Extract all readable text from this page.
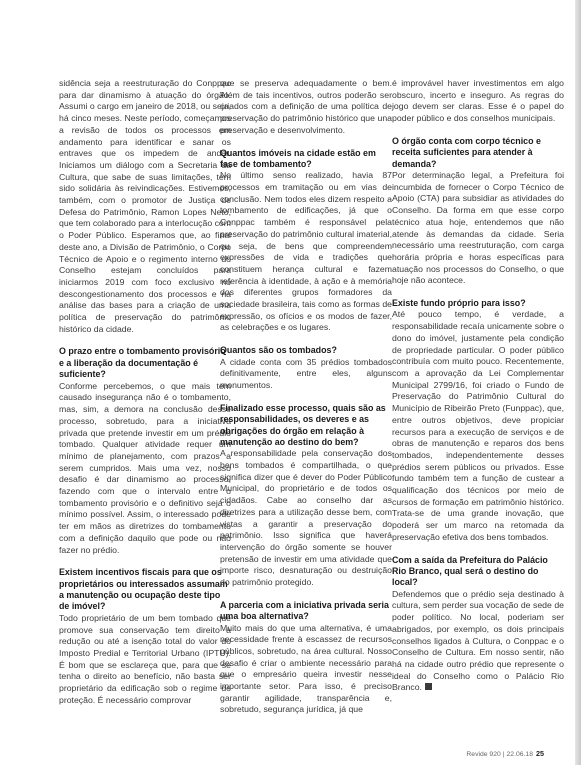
sidência seja a reestruturação do Conppac para dar dinamismo à atuação do órgão. Assumi o cargo em janeiro de 2018, ou seja, há cinco meses. Neste período, começamos a revisão de todos os processos em andamento para identificar e sanar os entraves que os impedem de andar. Iniciamos um diálogo com a Secretaria da Cultura, que sabe de suas limitações, tem sido solidária às reivindicações. Estivemos, também, com o promotor de Justiça de Defesa do Patrimônio, Ramon Lopes Neto, que tem colaborado para a interlocução com o Poder Público. Esperamos que, ao final deste ano, a Divisão de Patrimônio, o Corpo Técnico de Apoio e o regimento interno do Conselho estejam concluídos para iniciarmos 2019 com foco exclusivo no descongestionamento dos processos e na análise das bases para a criação de uma política de preservação do patrimônio histórico da cidade.

O prazo entre o tombamento provisório e a liberação da documentação é suficiente?

Conforme percebemos, o que mais tem causado insegurança não é o tombamento, mas, sim, a demora na conclusão desse processo, sobretudo, para a iniciativa privada que pretende investir em um prédio tombado. Qualquer atividade requer um mínimo de planejamento, com prazos a serem cumpridos. Mais uma vez, nosso desafio é dar dinamismo ao processo, fazendo com que o intervalo entre o tombamento provisório e o definitivo seja o mínimo possível. Assim, o interessado pode ter em mãos as diretrizes do tombamento com a definição daquilo que pode ou não fazer no prédio.

Existem incentivos fiscais para que os proprietários ou interessados assumam a manutenção ou ocupação deste tipo de imóvel?

Todo proprietário de um bem tombado que promove sua conservação tem direito à redução ou até a isenção total do valor do Imposto Predial e Territorial Urbano (IPTU). É bom que se esclareça que, para que se tenha o direito ao benefício, não basta ser proprietário da edificação sob o regime de proteção. É necessário comprovar

que se preserva adequadamente o bem. Além de tais incentivos, outros poderão ser criados com a definição de uma política de preservação do patrimônio histórico que una preservação e desenvolvimento.

Quantos imóveis na cidade estão em fase de tombamento?

No último senso realizado, havia 87 processos em tramitação ou em vias de conclusão. Nem todos eles dizem respeito a tombamento de edificações, já que o Conppac também é responsável pela preservação do patrimônio cultural imaterial, ou seja, de bens que compreendem expressões de vida e tradições que constituem herança cultural e fazem referência à identidade, à ação e à memória dos diferentes grupos formadores da sociedade brasileira, tais como as formas de expressão, os ofícios e os modos de fazer, as celebrações e os lugares.

Quantos são os tombados?

A cidade conta com 35 prédios tombados definitivamente, entre eles, alguns monumentos.

Finalizado esse processo, quais são as responsabilidades, os deveres e as obrigações do órgão em relação à manutenção ao destino do bem?

A responsabilidade pela conservação dos bens tombados é compartilhada, o que significa dizer que é dever do Poder Público Municipal, do proprietário e de todos os cidadãos. Cabe ao conselho dar as diretrizes para a utilização desse bem, com vistas a garantir a preservação do patrimônio. Isso significa que haverá intervenção do órgão somente se houver pretensão de investir em uma atividade que importe risco, desnaturação ou destruição do patrimônio protegido.

A parceria com a iniciativa privada seria uma boa alternativa?

Muito mais do que uma alternativa, é uma necessidade frente à escassez de recursos públicos, sobretudo, na área cultural. Nosso desafio é criar o ambiente necessário para que o empresário queira investir nesse importante setor. Para isso, é preciso garantir agilidade, transparência e, sobretudo, segurança jurídica, já que

é improvável haver investimentos em algo obscuro, incerto e inseguro. As regras do jogo devem ser claras. Esse é o papel do poder público e dos conselhos municipais.

O órgão conta com corpo técnico e receita suficientes para atender à demanda?

Por determinação legal, a Prefeitura foi incumbida de fornecer o Corpo Técnico de Apoio (CTA) para subsidiar as atividades do Conselho. Da forma em que esse corpo técnico atua hoje, entendemos que não atende às demandas da cidade. Seria necessário uma reestruturação, com carga horária própria e horas específicas para atuação nos processos do Conselho, o que hoje não acontece.

Existe fundo próprio para isso?

Até pouco tempo, é verdade, a responsabilidade recaía unicamente sobre o dono do imóvel, justamente pela condição de propriedade particular. O poder público contribuía com muito pouco. Recentemente, com a aprovação da Lei Complementar Municipal 2799/16, foi criado o Fundo de Preservação do Patrimônio Cultural do Município de Ribeirão Preto (Funppac), que, entre outros objetivos, deve propiciar recursos para a execução de serviços e de obras de manutenção e reparos dos bens tombados, independentemente desses prédios serem públicos ou privados. Esse fundo também tem a função de custear a qualificação dos técnicos por meio de cursos de formação em patrimônio histórico. Trata-se de uma grande inovação, que poderá ser um marco na retomada da preservação efetiva dos bens tombados.

Com a saída da Prefeitura do Palácio Rio Branco, qual será o destino do local?

Defendemos que o prédio seja destinado à cultura, sem perder sua vocação de sede de poder político. No local, poderiam ser abrigados, por exemplo, os dois principais conselhos ligados à Cultura, o Conppac e o Conselho de Cultura. Em nosso sentir, não há na cidade outro prédio que represente o ideal do Conselho como o Palácio Rio Branco.

Revide 920 | 22.06.18 25
